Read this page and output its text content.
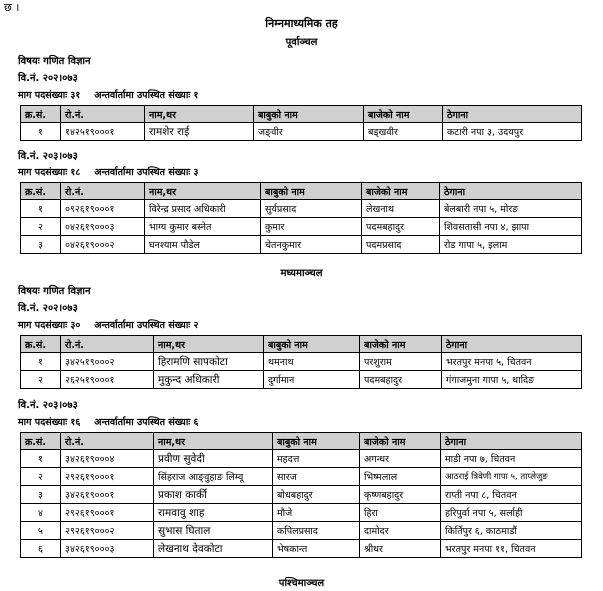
छ ।
निम्नमाध्यमिक तह
पूर्वाञ्चल
विषयः गणित विज्ञान
वि.नं. २०२।०७३
माग पदसंख्याः ३१ अन्तर्वार्तामा उपस्थित संख्याः १
क्र.सं.	रो.नं.	नाम,थर	बाबुको नाम	बाजेको नाम	ठेगाना
१	१४२५१९०००१	रामशेर राई	जङ्वीर	बड्खवीर	कटारी नपा ३, उदयपुर
वि.नं. २०३।०७३
माग पदसंख्याः १८ अन्तर्वार्तामा उपस्थित संख्याः ३
क्र.सं.	रो.नं.	नाम,थर	बाबुको नाम	बाजेको नाम	ठेगाना
१	०९२६१९०००१	विरेन्द्र प्रसाद अधिकारी	सुर्यप्रसाद	लेखनाथ	बेलबारी नपा ५, मोरङ
२	०४२६१९०००३	भाग्य कुमार बस्नेत	कुमार	पदमबहादुर	शिवसतासी नपा ४, झापा
३	०४२६१९०००२	घनश्याम पौडेल	चेतनकुमार	पदमप्रसाद	रोड गापा ५, इलाम
मध्यमाञ्चल
विषयः गणित विज्ञान
वि.नं. २०२।०७३
माग पदसंख्याः ३० अन्तर्वार्तामा उपस्थित संख्याः २
क्र.सं.	रो.नं.	नाम,थर	बाबुको नाम	बाजेको नाम	ठेगाना
१	३४२५१९०००२	हिरामणि सापकोटा	थमनाथ	परशुराम	भरतपुर मनपा ५, चितवन
२	२६२५१९०००१	मुकुन्द अधिकारी	दुर्गामान	पदमबहादुर	गंगाजमुना गापा ५, धादिङ
वि.नं. २०३।०७३
माग पदसंख्याः १६ अन्तर्वार्तामा उपस्थित संख्याः ६
क्र.सं.	रो.नं.	नाम,थर	बाबुको नाम	बाजेको नाम	ठेगाना
१	३४२६१९०००४	प्रवीण सुवेदी	महदत्त	अगन्धर	माडी नपा ७, चितवन
२	२९२६१९०००१	सिंहराज आङ्वुहाङ लिम्वू	सारज	भिष्मलाल	आठराई त्रिवेणी गापा ५, ताप्लेजुङ
३	३४२६१९०००१	प्रकाश कार्की	बोधबहादुर	कृष्णबहादुर	राप्ती नपा ८, चितवन
४	२९२६१९०००१	रामवावु शाह	मौजे	हिरा	हरिपुर्वा नपा ५, सर्लाही
५	२९२६१९०००२	सुभास घिताल	कपिलप्रसाद	दामोदर	किर्तिपुर ६, काठमाडौं
६	३४२६१९०००३	लेखनाथ देवकोटा	भेषकान्त	श्रीधर	भरतपुर मनपा ११, चितवन
पश्चिमाञ्चल
